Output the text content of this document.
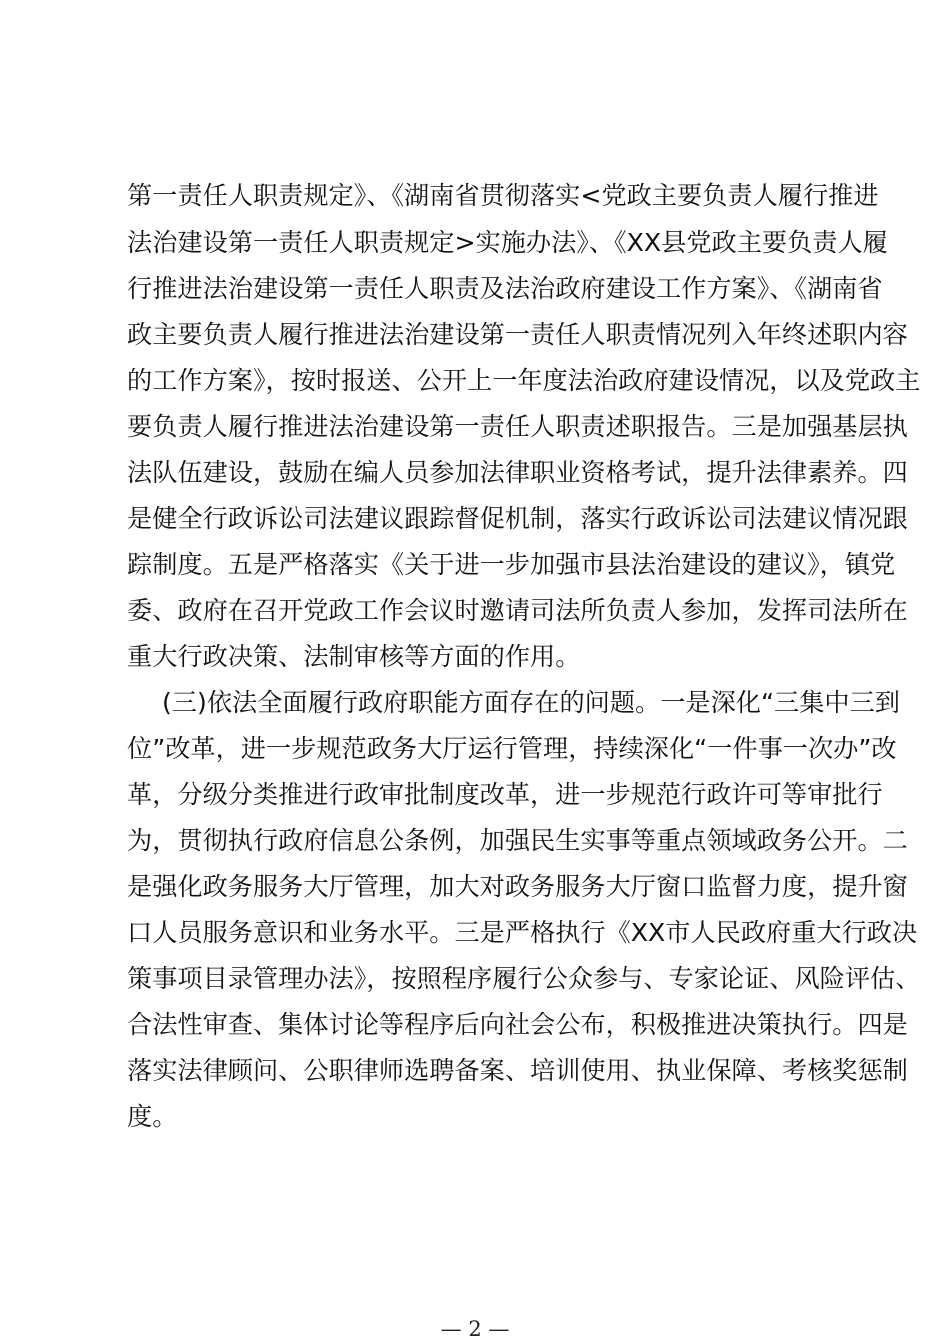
第一责任人职责规定》、《湖南省贯彻落实<党政主要负责人履行推进
法治建设第一责任人职责规定>实施办法》、《XX县党政主要负责人履
行推进法治建设第一责任人职责及法治政府建设工作方案》、《湖南省
政主要负责人履行推进法治建设第一责任人职责情况列入年终述职内容
的工作方案》，按时报送、公开上一年度法治政府建设情况，以及党政主
要负责人履行推进法治建设第一责任人职责述职报告。三是加强基层执
法队伍建设，鼓励在编人员参加法律职业资格考试，提升法律素养。四
是健全行政诉讼司法建议跟踪督促机制，落实行政诉讼司法建议情况跟
踪制度。五是严格落实《关于进一步加强市县法治建设的建议》，镇党
委、政府在召开党政工作会议时邀请司法所负责人参加，发挥司法所在
重大行政决策、法制审核等方面的作用。
(三)依法全面履行政府职能方面存在的问题。一是深化“三集中三到
位”改革，进一步规范政务大厅运行管理，持续深化“一件事一次办”改
革，分级分类推进行政审批制度改革，进一步规范行政许可等审批行
为，贯彻执行政府信息公条例，加强民生实事等重点领域政务公开。二
是强化政务服务大厅管理，加大对政务服务大厅窗口监督力度，提升窗
口人员服务意识和业务水平。三是严格执行《XX市人民政府重大行政决
策事项目录管理办法》，按照程序履行公众参与、专家论证、风险评估、
合法性审查、集体讨论等程序后向社会公布，积极推进决策执行。四是
落实法律顾问、公职律师选聘备案、培训使用、执业保障、考核奖惩制
度。
— 2 —
